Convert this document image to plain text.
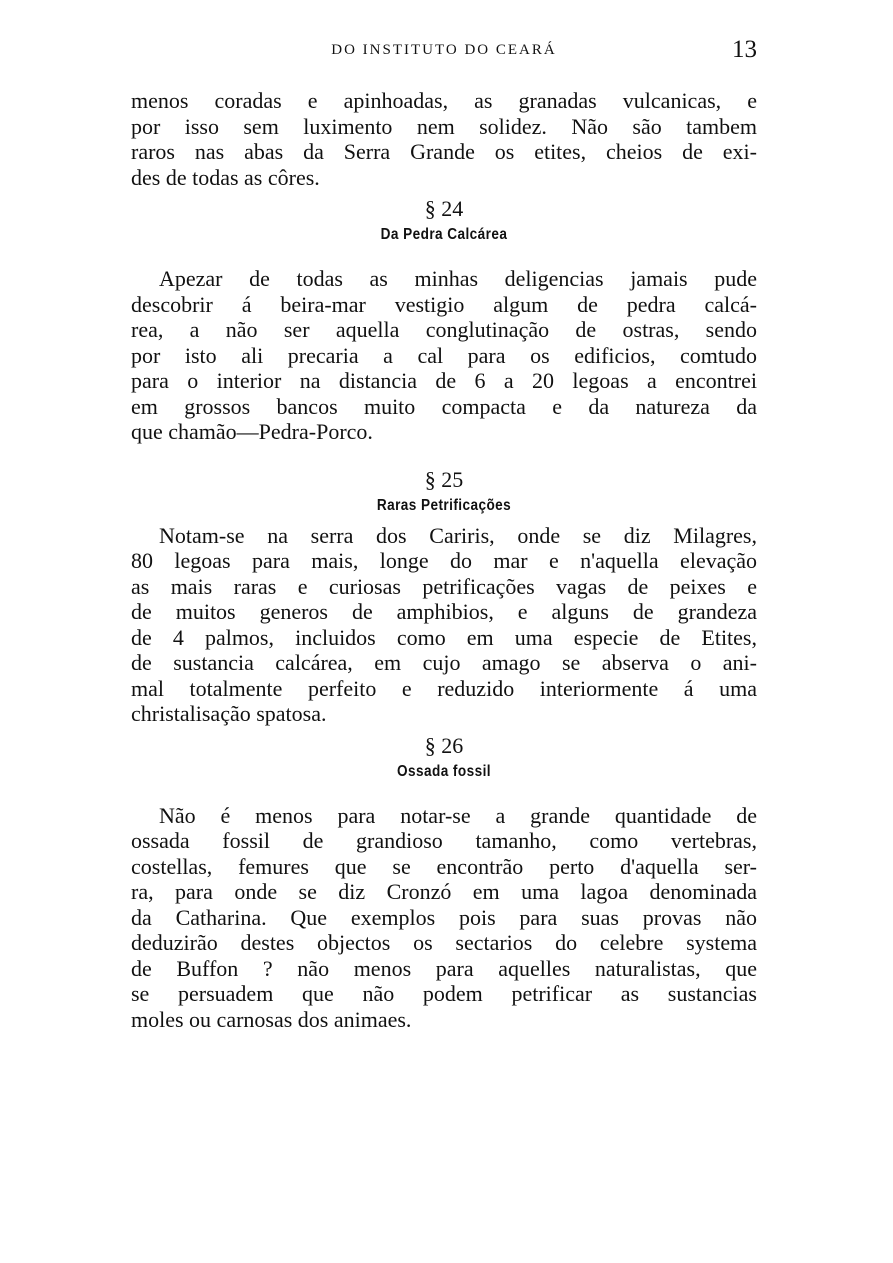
DO INSTITUTO DO CEARÁ	13
menos coradas e apinhoadas, as granadas vulcanicas, e
por isso sem luximento nem solidez. Não são tambem
raros nas abas da Serra Grande os etites, cheios de exi-
des de todas as côres.
§ 24
Da Pedra Calcárea
Apezar de todas as minhas deligencias jamais pude
descobrir á beira-mar vestigio algum de pedra calcá-
rea, a não ser aquella conglutinação de ostras, sendo
por isto ali precaria a cal para os edificios, comtudo
para o interior na distancia de 6 a 20 legoas a encontrei
em grossos bancos muito compacta e da natureza da
que chamão—Pedra-Porco.
§ 25
Raras Petrificações
Notam-se na serra dos Cariris, onde se diz Milagres,
80 legoas para mais, longe do mar e n'aquella elevação
as mais raras e curiosas petrificações vagas de peixes e
de muitos generos de amphibios, e alguns de grandeza
de 4 palmos, incluidos como em uma especie de Etites,
de sustancia calcárea, em cujo amago se abserva o ani-
mal totalmente perfeito e reduzido interiormente á uma
christalisação spatosa.
§ 26
Ossada fossil
Não é menos para notar-se a grande quantidade de
ossada fossil de grandioso tamanho, como vertebras,
costellas, femures que se encontrão perto d'aquella ser-
ra, para onde se diz Cronzó em uma lagoa denominada
da Catharina. Que exemplos pois para suas provas não
deduzirão destes objectos os sectarios do celebre systema
de Buffon ? não menos para aquelles naturalistas, que
se persuadem que não podem petrificar as sustancias
moles ou carnosas dos animaes.
